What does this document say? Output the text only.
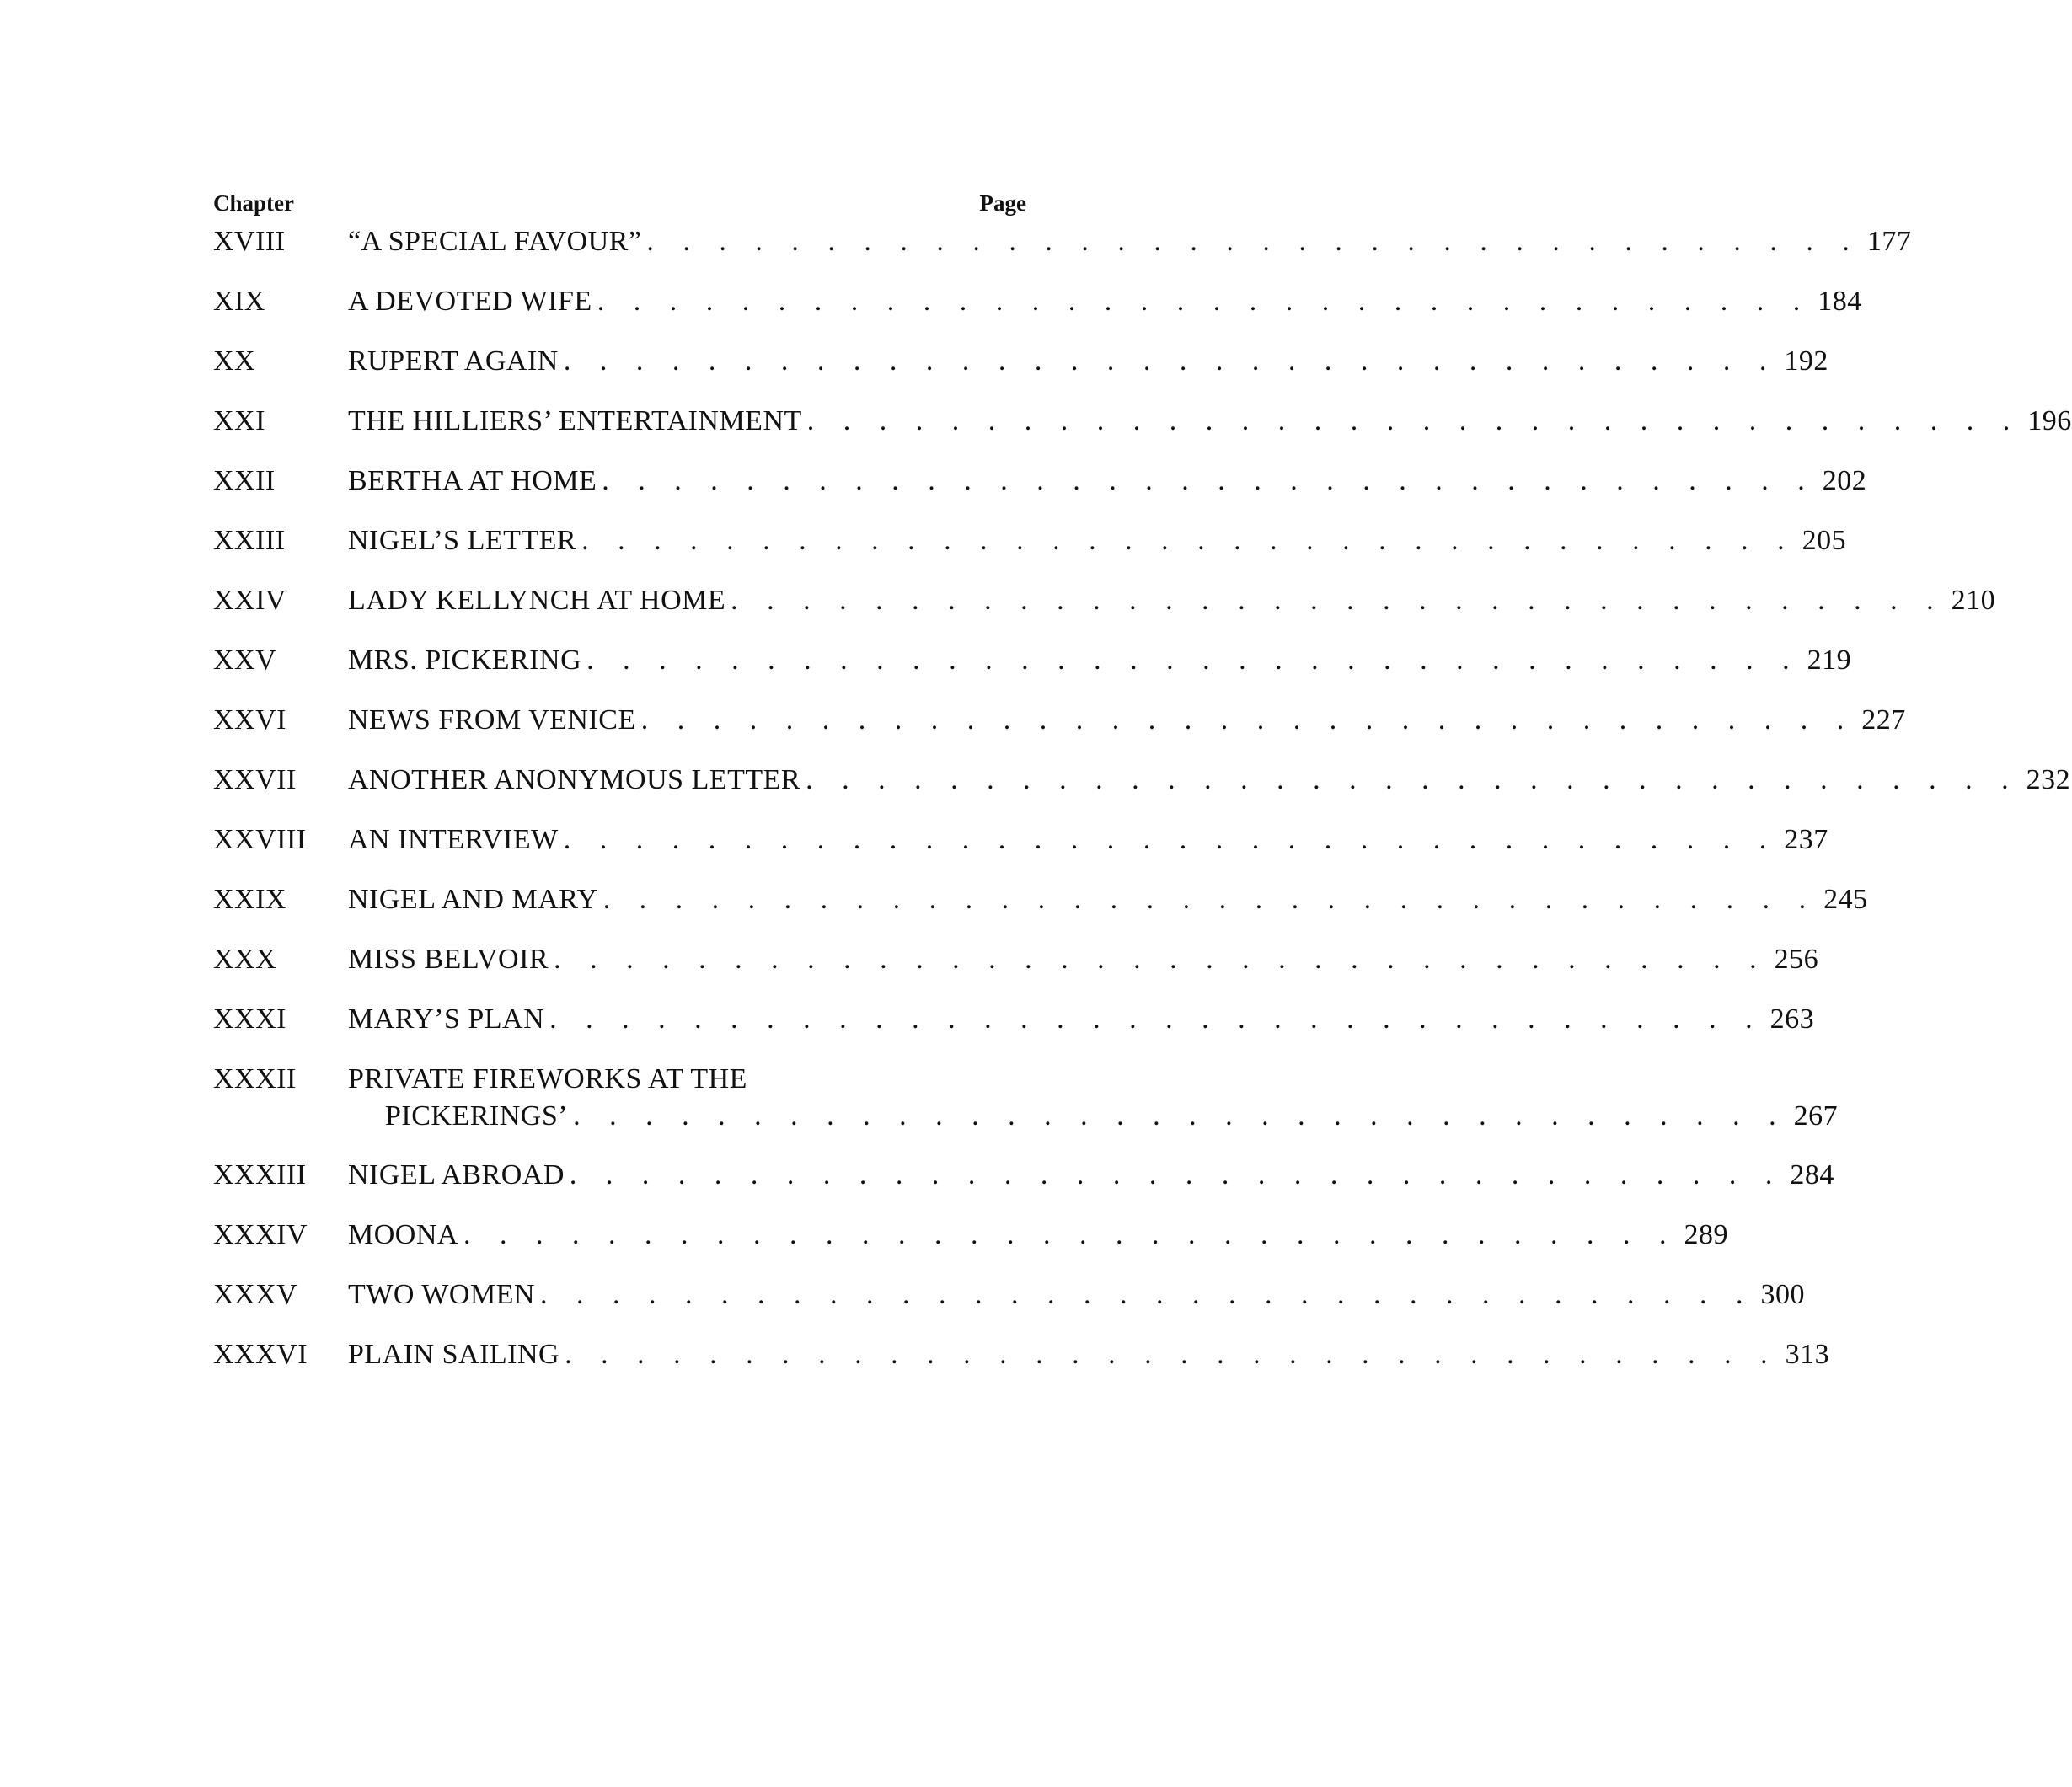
Chapter	Page
XVIII “A SPECIAL FAVOUR” . . . . . . . . . . . . . . . . . . . . . . . . . . . . . . . . . . 177
XIX	A DEVOTED WIFE . . . . . . . . . . . . . . . . . . . . . . . . . . . . . . . . . . 184
XX	RUPERT AGAIN . . . . . . . . . . . . . . . . . . . . . . . . . . . . . . . . . . 192
XXI	THE HILLIERS’ ENTERTAINMENT . . . . . . . . . . . . . . . . . . . . . . . . . . . . . . . . . . 196
XXII	BERTHA AT HOME . . . . . . . . . . . . . . . . . . . . . . . . . . . . . . . . . . 202
XXIII NIGEL’S LETTER . . . . . . . . . . . . . . . . . . . . . . . . . . . . . . . . . . 205
XXIV LADY KELLYNCH AT HOME . . . . . . . . . . . . . . . . . . . . . . . . . . . . . . . . . . 210
XXV MRS. PICKERING . . . . . . . . . . . . . . . . . . . . . . . . . . . . . . . . . . 219
XXVI NEWS FROM VENICE . . . . . . . . . . . . . . . . . . . . . . . . . . . . . . . . . . 227
XXVII ANOTHER ANONYMOUS LETTER . . . . . . . . . . . . . . . . . . . . . . . . . . . . . . . . . . 232
XXVIII AN INTERVIEW . . . . . . . . . . . . . . . . . . . . . . . . . . . . . . . . . . 237
XXIX NIGEL AND MARY . . . . . . . . . . . . . . . . . . . . . . . . . . . . . . . . . . 245
XXX MISS BELVOIR . . . . . . . . . . . . . . . . . . . . . . . . . . . . . . . . . . 256
XXXI MARY’S PLAN . . . . . . . . . . . . . . . . . . . . . . . . . . . . . . . . . . 263
XXXII PRIVATE FIREWORKS AT THE
PICKERINGS’ . . . . . . . . . . . . . . . . . . . . . . . . . . . . . . . . . . 267
XXXIII NIGEL ABROAD . . . . . . . . . . . . . . . . . . . . . . . . . . . . . . . . . . 284
XXXIV MOONA . . . . . . . . . . . . . . . . . . . . . . . . . . . . . . . . . . 289
XXXV TWO WOMEN . . . . . . . . . . . . . . . . . . . . . . . . . . . . . . . . . . 300
XXXVI PLAIN SAILING . . . . . . . . . . . . . . . . . . . . . . . . . . . . . . . . . . 313
